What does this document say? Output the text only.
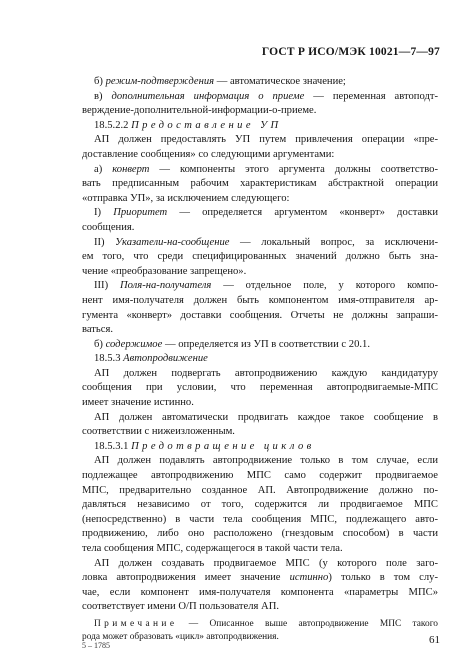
ГОСТ Р ИСО/МЭК 10021—7—97
б) режим-подтверждения — автоматическое значение;
в) дополнительная информация о приеме — переменная автоподт-
верждение-дополнительной-информации-о-приеме.
18.5.2.2 Предоставление УП
АП должен предоставлять УП путем привлечения операции «пре-
доставление сообщения» со следующими аргументами:
а) конверт — компоненты этого аргумента должны соответство-
вать предписанным рабочим характеристикам абстрактной операции
«отправка УП», за исключением следующего:
I) Приоритет — определяется аргументом «конверт» доставки
сообщения.
II) Указатели-на-сообщение — локальный вопрос, за исключени-
ем того, что среди специфицированных значений должно быть зна-
чение «преобразование запрещено».
III) Поля-на-получателя — отдельное поле, у которого компо-
нент имя-получателя должен быть компонентом имя-отправителя ар-
гумента «конверт» доставки сообщения. Отчеты не должны запраши-
ваться.
б) содержимое — определяется из УП в соответствии с 20.1.
18.5.3 Автопродвижение
АП должен подвергать автопродвижению каждую кандидатуру
сообщения при условии, что переменная автопродвигаемые-МПС
имеет значение истинно.
АП должен автоматически продвигать каждое такое сообщение в
соответствии с нижеизложенным.
18.5.3.1 Предотвращение циклов
АП должен подавлять автопродвижение только в том случае, если
подлежащее автопродвижению МПС само содержит продвигаемое
МПС, предварительно созданное АП. Автопродвижение должно по-
давляться независимо от того, содержится ли продвигаемое МПС
(непосредственно) в части тела сообщения МПС, подлежащего авто-
продвижению, либо оно расположено (гнездовым способом) в части
тела сообщения МПС, содержащегося в такой части тела.
АП должен создавать продвигаемое МПС (у которого поле заго-
ловка автопродвижения имеет значение истинно) только в том слу-
чае, если компонент имя-получателя компонента «параметры МПС»
соответствует имени О/П пользователя АП.
Примечание — Описанное выше автопродвижение МПС такого
рода может образовать «цикл» автопродвижения.
5 – 1785	61
